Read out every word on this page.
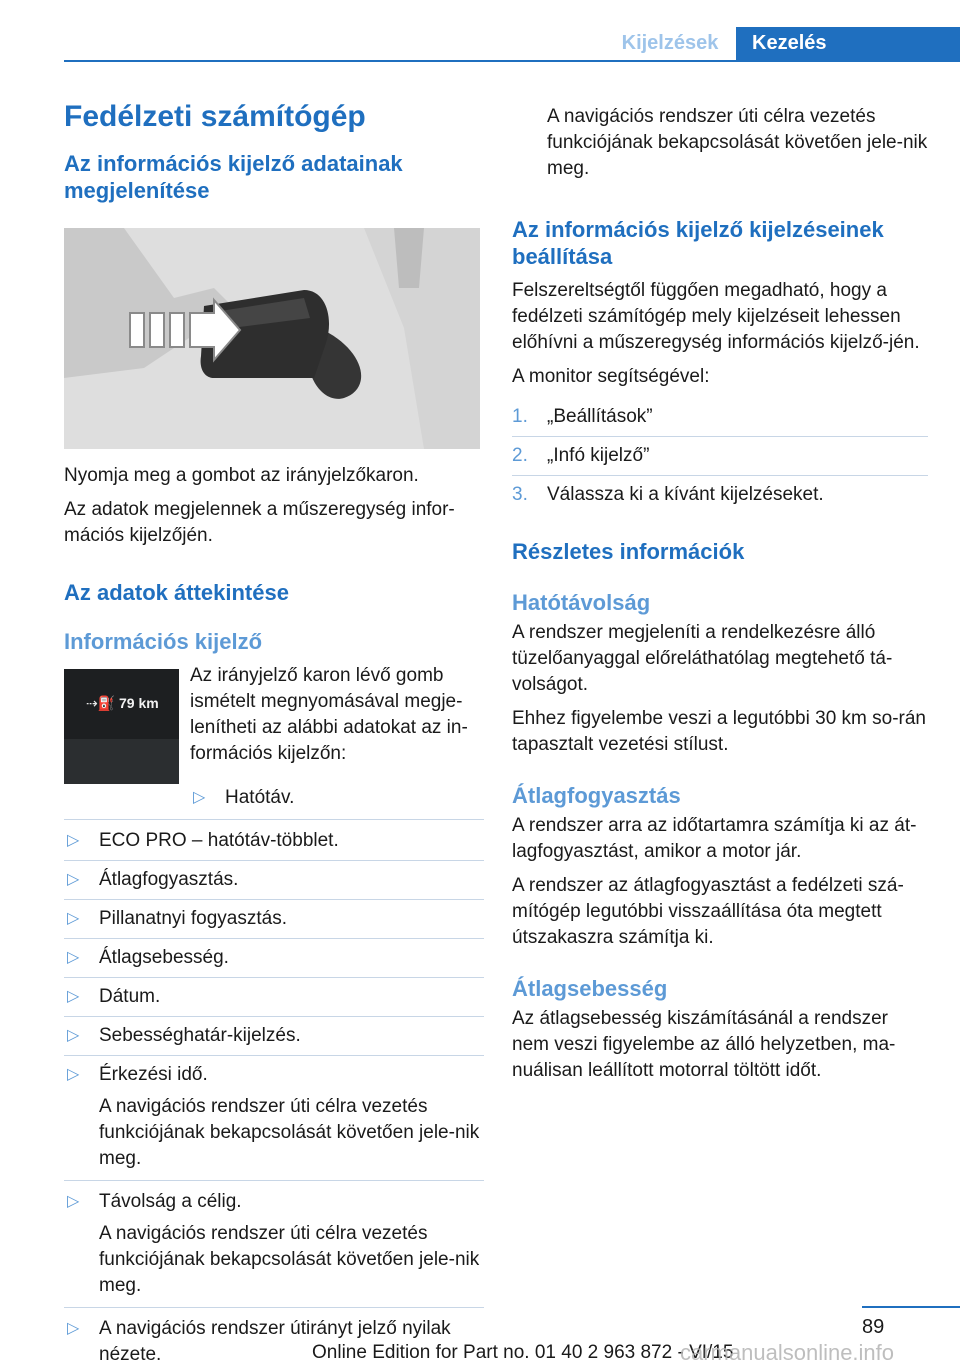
Kijelzések	Kezelés
Fedélzeti számítógép
Az információs kijelző adatainak megjelenítése

Nyomja meg a gombot az irányjelzőkaron.

Az adatok megjelennek a műszeregység infor-mációs kijelzőjén.

Az adatok áttekintése
Információs kijelző
⇢⛽ 79 km

Az irányjelző karon lévő gomb ismételt megnyomásával megje-lenítheti az alábbi adatokat az in-formációs kijelzőn:

▷ Hatótáv.
▷ ECO PRO – hatótáv-többlet.
▷ Átlagfogyasztás.
▷ Pillanatnyi fogyasztás.
▷ Átlagsebesség.
▷ Dátum.
▷ Sebességhatár-kijelzés.
▷ Érkezési idő.

A navigációs rendszer úti célra vezetés funkciójának bekapcsolását követően jele-nik meg.

▷ Távolság a célig.

A navigációs rendszer úti célra vezetés funkciójának bekapcsolását követően jele-nik meg.

▷ A navigációs rendszer útirányt jelző nyilak nézete.

A navigációs rendszer úti célra vezetés funkciójának bekapcsolását követően jele-nik meg.

Az információs kijelző kijelzéseinek beállítása

Felszereltségtől függően megadható, hogy a fedélzeti számítógép mely kijelzéseit lehessen előhívni a műszeregység információs kijelző-jén.

A monitor segítségével:

1. „Beállítások”
2. „Infó kijelző”
3. Válassza ki a kívánt kijelzéseket.
Részletes információk
Hatótávolság

A rendszer megjeleníti a rendelkezésre álló tüzelőanyaggal előreláthatólag megtehető tá-volságot.

Ehhez figyelembe veszi a legutóbbi 30 km so-rán tapasztalt vezetési stílust.

Átlagfogyasztás

A rendszer arra az időtartamra számítja ki az át-lagfogyasztást, amikor a motor jár.

A rendszer az átlagfogyasztást a fedélzeti szá-mítógép legutóbbi visszaállítása óta megtett útszakaszra számítja ki.

Átlagsebesség

Az átlagsebesség kiszámításánál a rendszer nem veszi figyelembe az álló helyzetben, ma-nuálisan leállított motorral töltött időt.

89
Online Edition for Part no. 01 40 2 963 872 - VI/15
carmanualsonline.info
